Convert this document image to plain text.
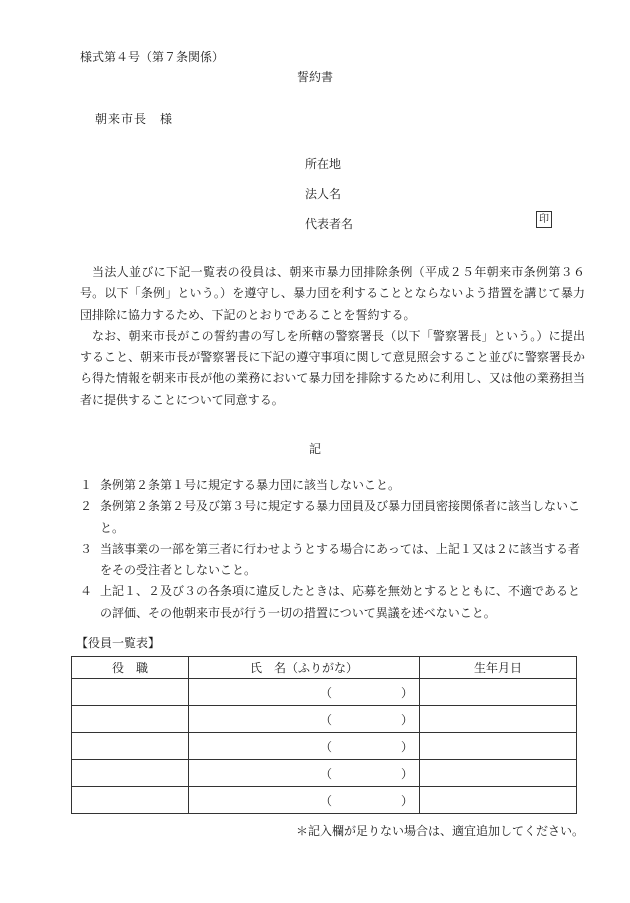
様式第４号（第７条関係）
誓約書
朝来市長　様
所在地
法人名
代表者名	印

当法人並びに下記一覧表の役員は、朝来市暴力団排除条例（平成２５年朝来市条例第３６号。以下「条例」という。）を遵守し、暴力団を利することとならないよう措置を講じて暴力団排除に協力するため、下記のとおりであることを誓約する。

なお、朝来市長がこの誓約書の写しを所轄の警察署長（以下「警察署長」という。）に提出すること、朝来市長が警察署長に下記の遵守事項に関して意見照会すること並びに警察署長から得た情報を朝来市長が他の業務において暴力団を排除するために利用し、又は他の業務担当者に提供することについて同意する。

記
１ 条例第２条第１号に規定する暴力団に該当しないこと。
２ 条例第２条第２号及び第３号に規定する暴力団員及び暴力団員密接関係者に該当しないこと。
３ 当該事業の一部を第三者に行わせようとする場合にあっては、上記１又は２に該当する者をその受注者としないこと。
４ 上記１、２及び３の各条項に違反したときは、応募を無効とするとともに、不適であるとの評価、その他朝来市長が行う一切の措置について異議を述べないこと。
【役員一覧表】
役　職	氏　名（ふりがな）	生年月日

	（ ）	

	（ ）	

	（ ）	

	（ ）	

	（ ）	

＊記入欄が足りない場合は、適宜追加してください。
